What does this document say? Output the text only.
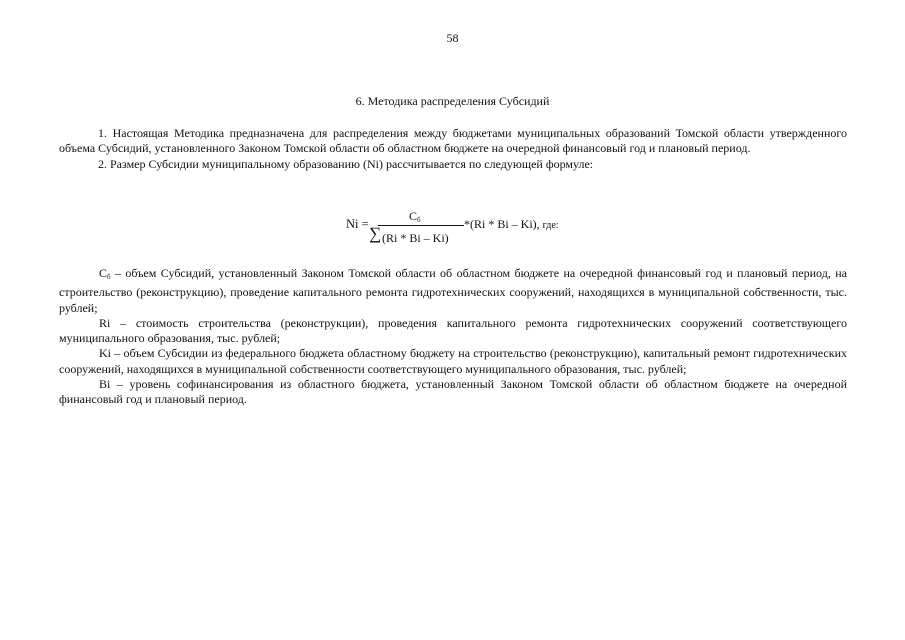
58
6. Методика распределения Субсидий

1. Настоящая Методика предназначена для распределения между бюджетами муниципальных образований Томской области утвержденного объема Субсидий, установленного Законом Томской области об областном бюджете на очередной финансовый год и плановый период.

2. Размер Субсидии муниципальному образованию (Ni) рассчитывается по следующей формуле:

Ni =
$С_б$
∑ (Ri * Bi – Ki)
*(Ri * Bi – Ki), где:

$С_б$ – объем Субсидий, установленный Законом Томской области об областном бюджете на очередной финансовый год и плановый период, на строительство (реконструкцию), проведение капитального ремонта гидротехнических сооружений, находящихся в муниципальной собственности, тыс. рублей;

Ri – стоимость строительства (реконструкции), проведения капитального ремонта гидротехнических сооружений соответствующего муниципального образования, тыс. рублей;

Ki – объем Субсидии из федерального бюджета областному бюджету на строительство (реконструкцию), капитальный ремонт гидротехнических сооружений, находящихся в муниципальной собственности соответствующего муниципального образования, тыс. рублей;

Bi – уровень софинансирования из областного бюджета, установленный Законом Томской области об областном бюджете на очередной финансовый год и плановый период.
